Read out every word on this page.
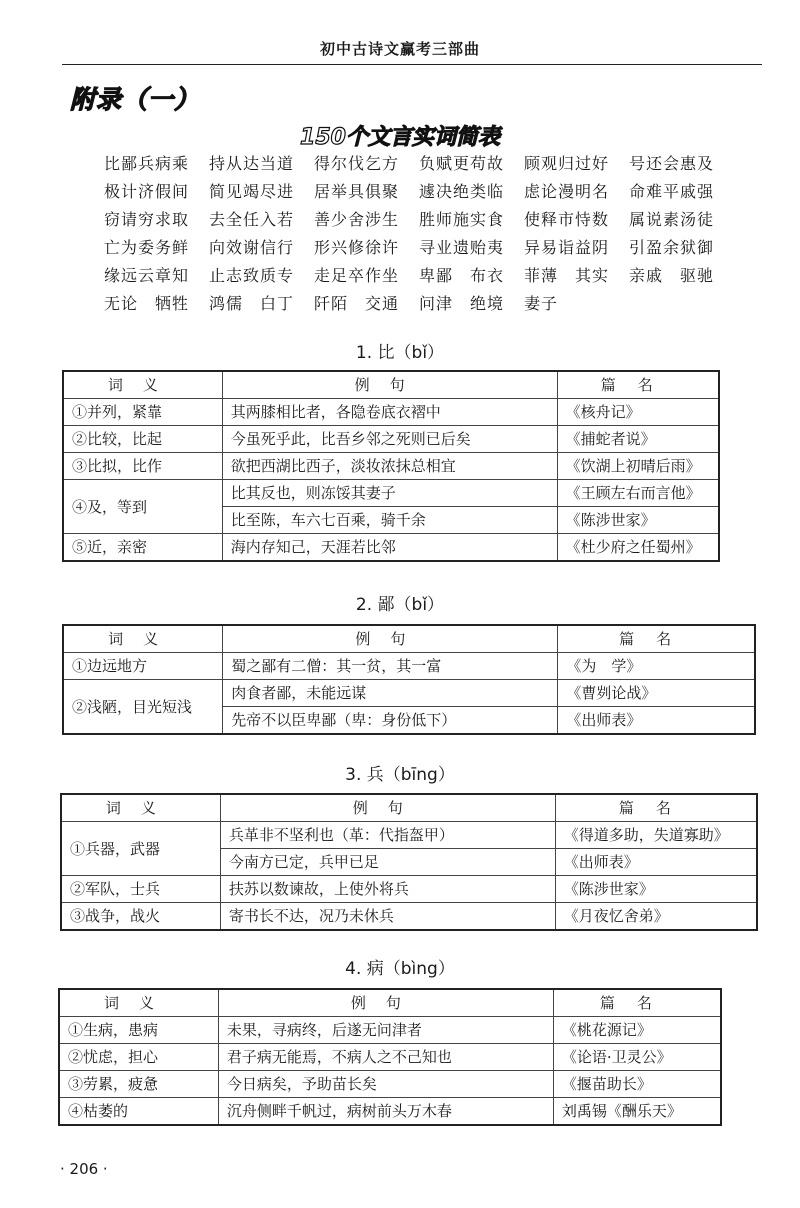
初中古诗文赢考三部曲
附录（一）
150个文言实词简表
比鄙兵病乘	持从达当道	得尔伐乞方	负赋更苟故	顾观归过好	号还会惠及
极计济假间	简见竭尽进	居举具俱聚	遽决绝类临	虑论漫明名	命难平戚强
窃请穷求取	去全任入若	善少舍涉生	胜师施实食	使释市恃数	属说素汤徒
亡为委务鲜	向效谢信行	形兴修徐许	寻业遗贻夷	异易诣益阴	引盈余狱御
缘远云章知	止志致质专	走足卒作坐	卑鄙　布衣	菲薄　其实	亲戚　驱驰
无论　牺牲	鸿儒　白丁	阡陌　交通	问津　绝境	妻子
1. 比（bǐ）
词义	例句	篇名
①并列，紧靠	其两膝相比者，各隐卷底衣褶中	《核舟记》
②比较，比起	今虽死乎此，比吾乡邻之死则已后矣	《捕蛇者说》
③比拟，比作	欲把西湖比西子，淡妆浓抹总相宜	《饮湖上初晴后雨》
④及，等到	比其反也，则冻馁其妻子	《王顾左右而言他》
	比至陈，车六七百乘，骑千余	《陈涉世家》
⑤近，亲密	海内存知己，天涯若比邻	《杜少府之任蜀州》
2. 鄙（bǐ）
词义	例句	篇名
①边远地方	蜀之鄙有二僧：其一贫，其一富	《为　学》
②浅陋，目光短浅	肉食者鄙，未能远谋	《曹刿论战》
	先帝不以臣卑鄙（卑：身份低下）	《出师表》
3. 兵（bīng）
词义	例句	篇名
①兵器，武器	兵革非不坚利也（革：代指盔甲）	《得道多助，失道寡助》
	今南方已定，兵甲已足	《出师表》
②军队，士兵	扶苏以数谏故，上使外将兵	《陈涉世家》
③战争，战火	寄书长不达，况乃未休兵	《月夜忆舍弟》
4. 病（bìng）
词义	例句	篇名
①生病，患病	未果，寻病终，后遂无问津者	《桃花源记》
②忧虑，担心	君子病无能焉，不病人之不己知也	《论语·卫灵公》
③劳累，疲惫	今日病矣，予助苗长矣	《揠苗助长》
④枯萎的	沉舟侧畔千帆过，病树前头万木春	刘禹锡《酬乐天》
· 206 ·
